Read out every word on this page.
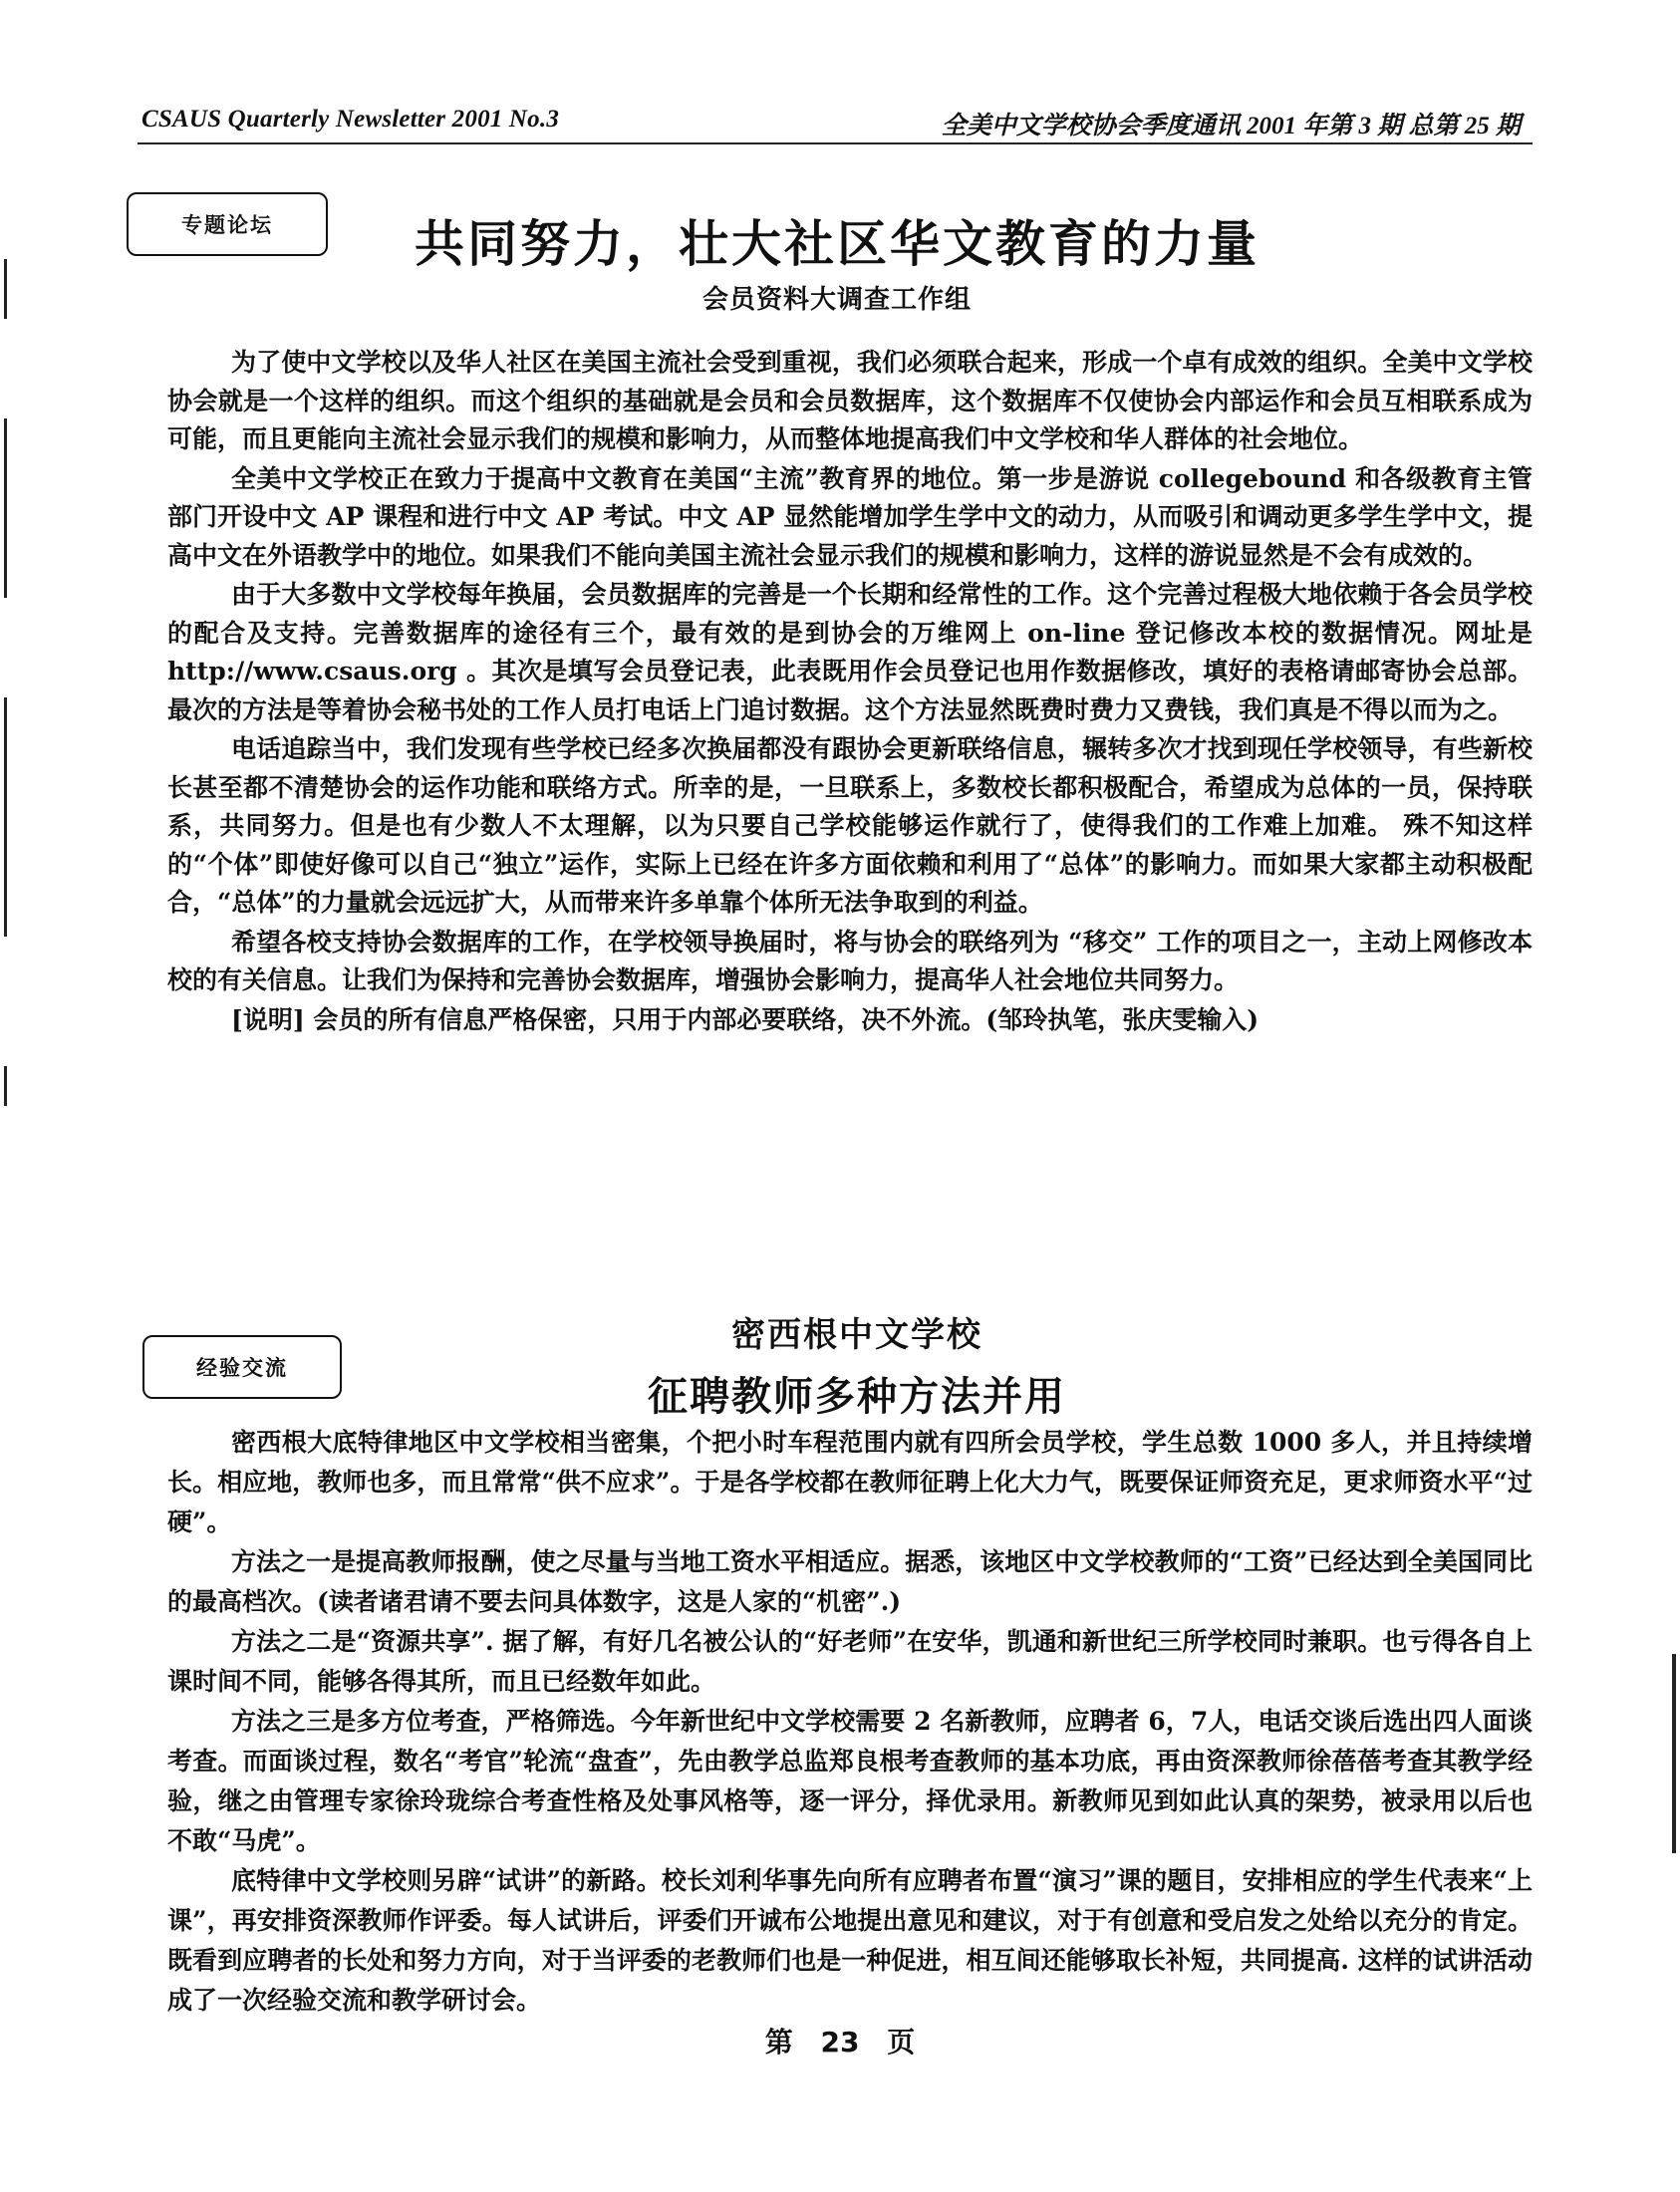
CSAUS Quarterly Newsletter 2001 No.3	全美中文学校协会季度通讯 2001 年第 3 期 总第 25 期
专题论坛	共同努力，壮大社区华文教育的力量
会员资料大调查工作组

为了使中文学校以及华人社区在美国主流社会受到重视，我们必须联合起来，形成一个卓有成效的组织。全美中文学校协会就是一个这样的组织。而这个组织的基础就是会员和会员数据库，这个数据库不仅使协会内部运作和会员互相联系成为可能，而且更能向主流社会显示我们的规模和影响力，从而整体地提高我们中文学校和华人群体的社会地位。

全美中文学校正在致力于提高中文教育在美国“主流”教育界的地位。第一步是游说 collegebound 和各级教育主管部门开设中文 AP 课程和进行中文 AP 考试。中文 AP 显然能增加学生学中文的动力，从而吸引和调动更多学生学中文，提高中文在外语教学中的地位。如果我们不能向美国主流社会显示我们的规模和影响力，这样的游说显然是不会有成效的。

由于大多数中文学校每年换届，会员数据库的完善是一个长期和经常性的工作。这个完善过程极大地依赖于各会员学校的配合及支持。完善数据库的途径有三个，最有效的是到协会的万维网上 on-line 登记修改本校的数据情况。网址是 http://www.csaus.org 。其次是填写会员登记表，此表既用作会员登记也用作数据修改，填好的表格请邮寄协会总部。最次的方法是等着协会秘书处的工作人员打电话上门追讨数据。这个方法显然既费时费力又费钱，我们真是不得以而为之。

电话追踪当中，我们发现有些学校已经多次换届都没有跟协会更新联络信息，辗转多次才找到现任学校领导，有些新校长甚至都不清楚协会的运作功能和联络方式。所幸的是，一旦联系上，多数校长都积极配合，希望成为总体的一员，保持联系，共同努力。但是也有少数人不太理解，以为只要自己学校能够运作就行了，使得我们的工作难上加难。 殊不知这样的“个体”即使好像可以自己“独立”运作，实际上已经在许多方面依赖和利用了“总体”的影响力。而如果大家都主动积极配合，“总体”的力量就会远远扩大，从而带来许多单靠个体所无法争取到的利益。

希望各校支持协会数据库的工作，在学校领导换届时，将与协会的联络列为 “移交” 工作的项目之一，主动上网修改本校的有关信息。让我们为保持和完善协会数据库，增强协会影响力，提高华人社会地位共同努力。

[说明] 会员的所有信息严格保密，只用于内部必要联络，决不外流。(邹玲执笔，张庆雯输入)

经验交流
密西根中文学校
征聘教师多种方法并用

密西根大底特律地区中文学校相当密集，个把小时车程范围内就有四所会员学校，学生总数 1000 多人，并且持续增长。相应地，教师也多，而且常常“供不应求”。于是各学校都在教师征聘上化大力气，既要保证师资充足，更求师资水平“过硬”。

方法之一是提高教师报酬，使之尽量与当地工资水平相适应。据悉，该地区中文学校教师的“工资”已经达到全美国同比的最高档次。(读者诸君请不要去问具体数字，这是人家的“机密”.)

方法之二是“资源共享”. 据了解，有好几名被公认的“好老师”在安华，凯通和新世纪三所学校同时兼职。也亏得各自上课时间不同，能够各得其所，而且已经数年如此。

方法之三是多方位考查，严格筛选。今年新世纪中文学校需要 2 名新教师，应聘者 6，7人，电话交谈后选出四人面谈考查。而面谈过程，数名“考官”轮流“盘查”，先由教学总监郑良根考查教师的基本功底，再由资深教师徐蓓蓓考查其教学经验，继之由管理专家徐玲珑综合考查性格及处事风格等，逐一评分，择优录用。新教师见到如此认真的架势，被录用以后也不敢“马虎”。

底特律中文学校则另辟“试讲”的新路。校长刘利华事先向所有应聘者布置“演习”课的题目，安排相应的学生代表来“上课”，再安排资深教师作评委。每人试讲后，评委们开诚布公地提出意见和建议，对于有创意和受启发之处给以充分的肯定。既看到应聘者的长处和努力方向，对于当评委的老教师们也是一种促进，相互间还能够取长补短，共同提高. 这样的试讲活动成了一次经验交流和教学研讨会。

第 23 页
